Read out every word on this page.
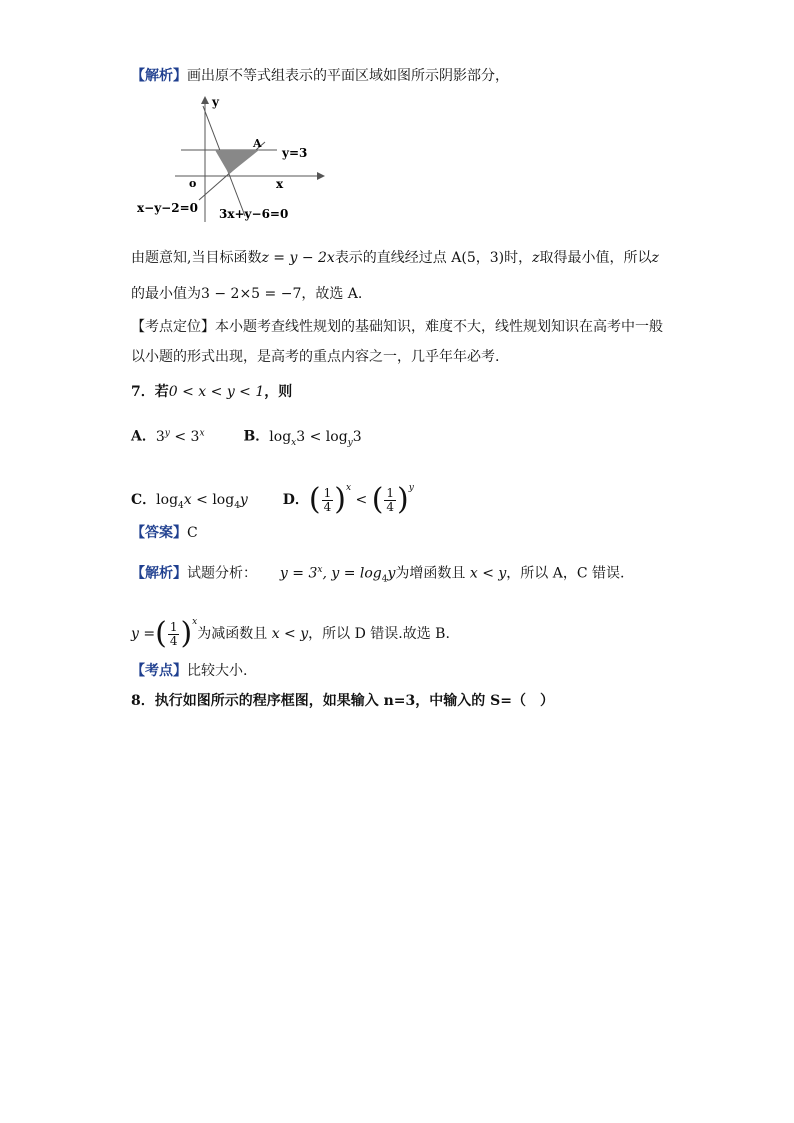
【解析】画出原不等式组表示的平面区域如图所示阴影部分，
y
x
o
A
y=3
x−y−2=0 3x+y−6=0
由题意知,当目标函数z = y − 2x表示的直线经过点 A(5，3)时，z取得最小值，所以z
的最小值为3 − 2×5 = −7，故选 A.
【考点定位】本小题考查线性规划的基础知识，难度不大，线性规划知识在高考中一般
以小题的形式出现，是高考的重点内容之一，几乎年年必考.
7．若0 < x < y < 1，则
A．$3^y < 3^x$	B．$\log_x3 < \log_y3$
C．$\log_4x < \log_4y$ D．( $\frac{1}{4} )^x$ < ( $\frac{1}{4} )^y$
【答案】C
【解析】试题分析： $y = 3^x$, $y = \log_4y$为增函数且 x < y，所以 A，C 错误.
y =( $\frac{1}{4} )^x$为减函数且 x < y，所以 D 错误.故选 B.
【考点】比较大小.
8．执行如图所示的程序框图，如果输入 n=3，中输入的 S=（　）
